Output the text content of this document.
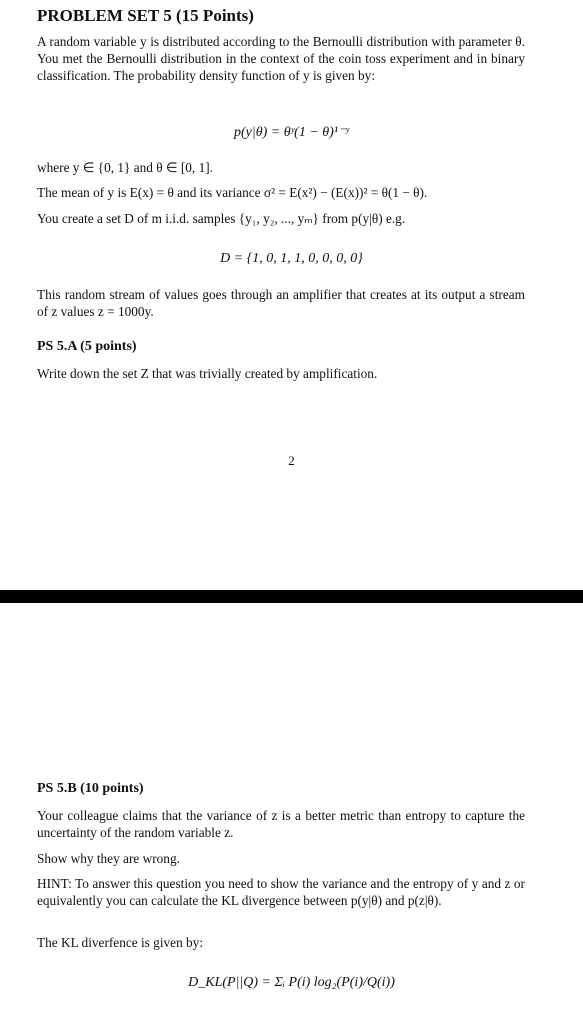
PROBLEM SET 5 (15 Points)
A random variable y is distributed according to the Bernoulli distribution with parameter θ. You met the Bernoulli distribution in the context of the coin toss experiment and in binary classification. The probability density function of y is given by:
p(y|θ) = θʸ(1 − θ)¹⁻ʸ
where y ∈ {0, 1} and θ ∈ [0, 1].
The mean of y is E(x) = θ and its variance σ² = E(x²) − (E(x))² = θ(1 − θ).
You create a set D of m i.i.d. samples {y₁, y₂, ..., yₘ} from p(y|θ) e.g.
D = {1, 0, 1, 1, 0, 0, 0, 0}
This random stream of values goes through an amplifier that creates at its output a stream of z values z = 1000y.
PS 5.A (5 points)
Write down the set Z that was trivially created by amplification.
2
PS 5.B (10 points)
Your colleague claims that the variance of z is a better metric than entropy to capture the uncertainty of the random variable z.
Show why they are wrong.
HINT: To answer this question you need to show the variance and the entropy of y and z or equivalently you can calculate the KL divergence between p(y|θ) and p(z|θ).
The KL diverfence is given by:
D_KL(P||Q) = Σᵢ P(i) log₂(P(i)/Q(i))
